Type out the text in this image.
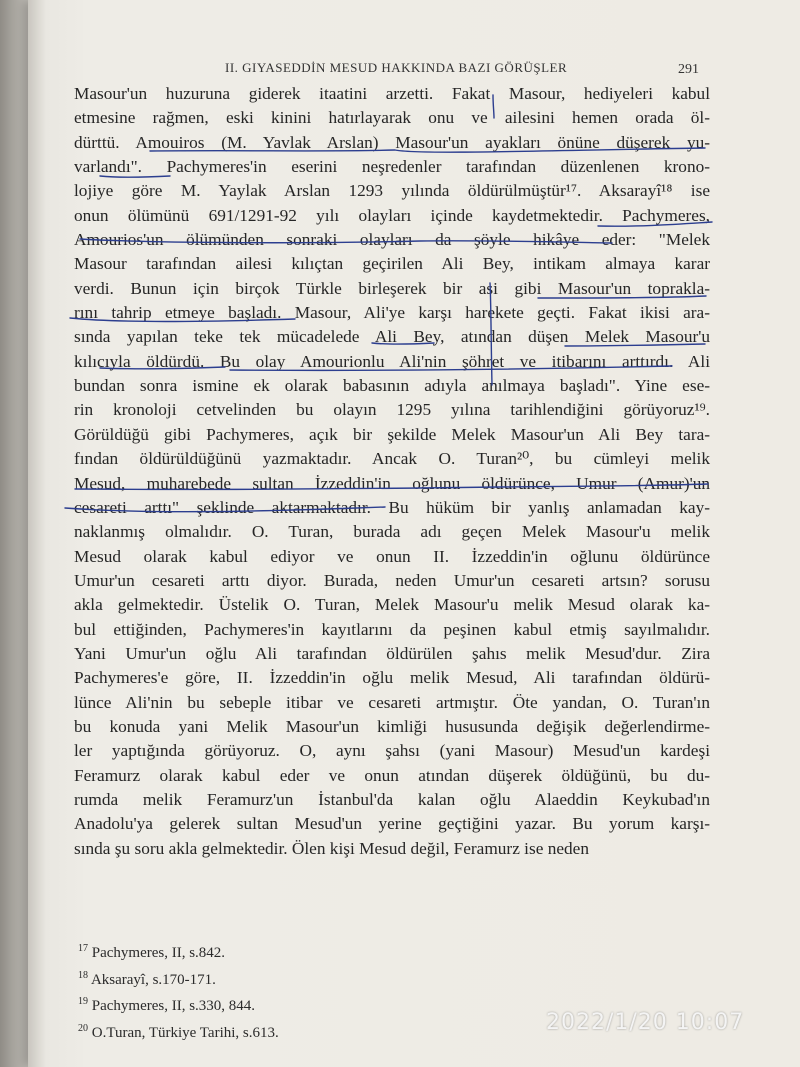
II. GIYASEDDİN MESUD HAKKINDA BAZI GÖRÜŞLER	291
Masour'un huzuruna giderek itaatini arzetti. Fakat Masour, hediyeleri kabul
etmesine rağmen, eski kinini hatırlayarak onu ve ailesini hemen orada öl-
dürttü. Amouiros (M. Yavlak Arslan) Masour'un ayakları önüne düşerek yu-
varlandı". Pachymeres'in eserini neşredenler tarafından düzenlenen krono-
lojiye göre M. Yaylak Arslan 1293 yılında öldürülmüştür¹⁷. Aksarayî¹⁸ ise
onun ölümünü 691/1291-92 yılı olayları içinde kaydetmektedir. Pachymeres,
Amourios'un ölümünden sonraki olayları da şöyle hikâye eder: "Melek
Masour tarafından ailesi kılıçtan geçirilen Ali Bey, intikam almaya karar
verdi. Bunun için birçok Türkle birleşerek bir asi gibi Masour'un toprakla-
rını tahrip etmeye başladı. Masour, Ali'ye karşı harekete geçti. Fakat ikisi ara-
sında yapılan teke tek mücadelede Ali Bey, atından düşen Melek Masour'u
kılıcıyla öldürdü. Bu olay Amourionlu Ali'nin şöhret ve itibarını arttırdı. Ali
bundan sonra ismine ek olarak babasının adıyla anılmaya başladı". Yine ese-
rin kronoloji cetvelinden bu olayın 1295 yılına tarihlendiğini görüyoruz¹⁹.
Görüldüğü gibi Pachymeres, açık bir şekilde Melek Masour'un Ali Bey tara-
fından öldürüldüğünü yazmaktadır. Ancak O. Turan²⁰, bu cümleyi melik
Mesud, muharebede sultan İzzeddin'in oğlunu öldürünce, Umur (Amur)'un
cesareti arttı" şeklinde aktarmaktadır. Bu hüküm bir yanlış anlamadan kay-
naklanmış olmalıdır. O. Turan, burada adı geçen Melek Masour'u melik
Mesud olarak kabul ediyor ve onun II. İzzeddin'in oğlunu öldürünce
Umur'un cesareti arttı diyor. Burada, neden Umur'un cesareti artsın? sorusu
akla gelmektedir. Üstelik O. Turan, Melek Masour'u melik Mesud olarak ka-
bul ettiğinden, Pachymeres'in kayıtlarını da peşinen kabul etmiş sayılmalıdır.
Yani Umur'un oğlu Ali tarafından öldürülen şahıs melik Mesud'dur. Zira
Pachymeres'e göre, II. İzzeddin'in oğlu melik Mesud, Ali tarafından öldürü-
lünce Ali'nin bu sebeple itibar ve cesareti artmıştır. Öte yandan, O. Turan'ın
bu konuda yani Melik Masour'un kimliği hususunda değişik değerlendirme-
ler yaptığında görüyoruz. O, aynı şahsı (yani Masour) Mesud'un kardeşi
Feramurz olarak kabul eder ve onun atından düşerek öldüğünü, bu du-
rumda melik Feramurz'un İstanbul'da kalan oğlu Alaeddin Keykubad'ın
Anadolu'ya gelerek sultan Mesud'un yerine geçtiğini yazar. Bu yorum karşı-
sında şu soru akla gelmektedir. Ölen kişi Mesud değil, Feramurz ise neden
$^{17}$ Pachymeres, II, s.842.
$^{18}$ Aksarayî, s.170-171.
$^{19}$ Pachymeres, II, s.330, 844.
$^{20}$ O.Turan, Türkiye Tarihi, s.613.	2022/1/20 10:07
